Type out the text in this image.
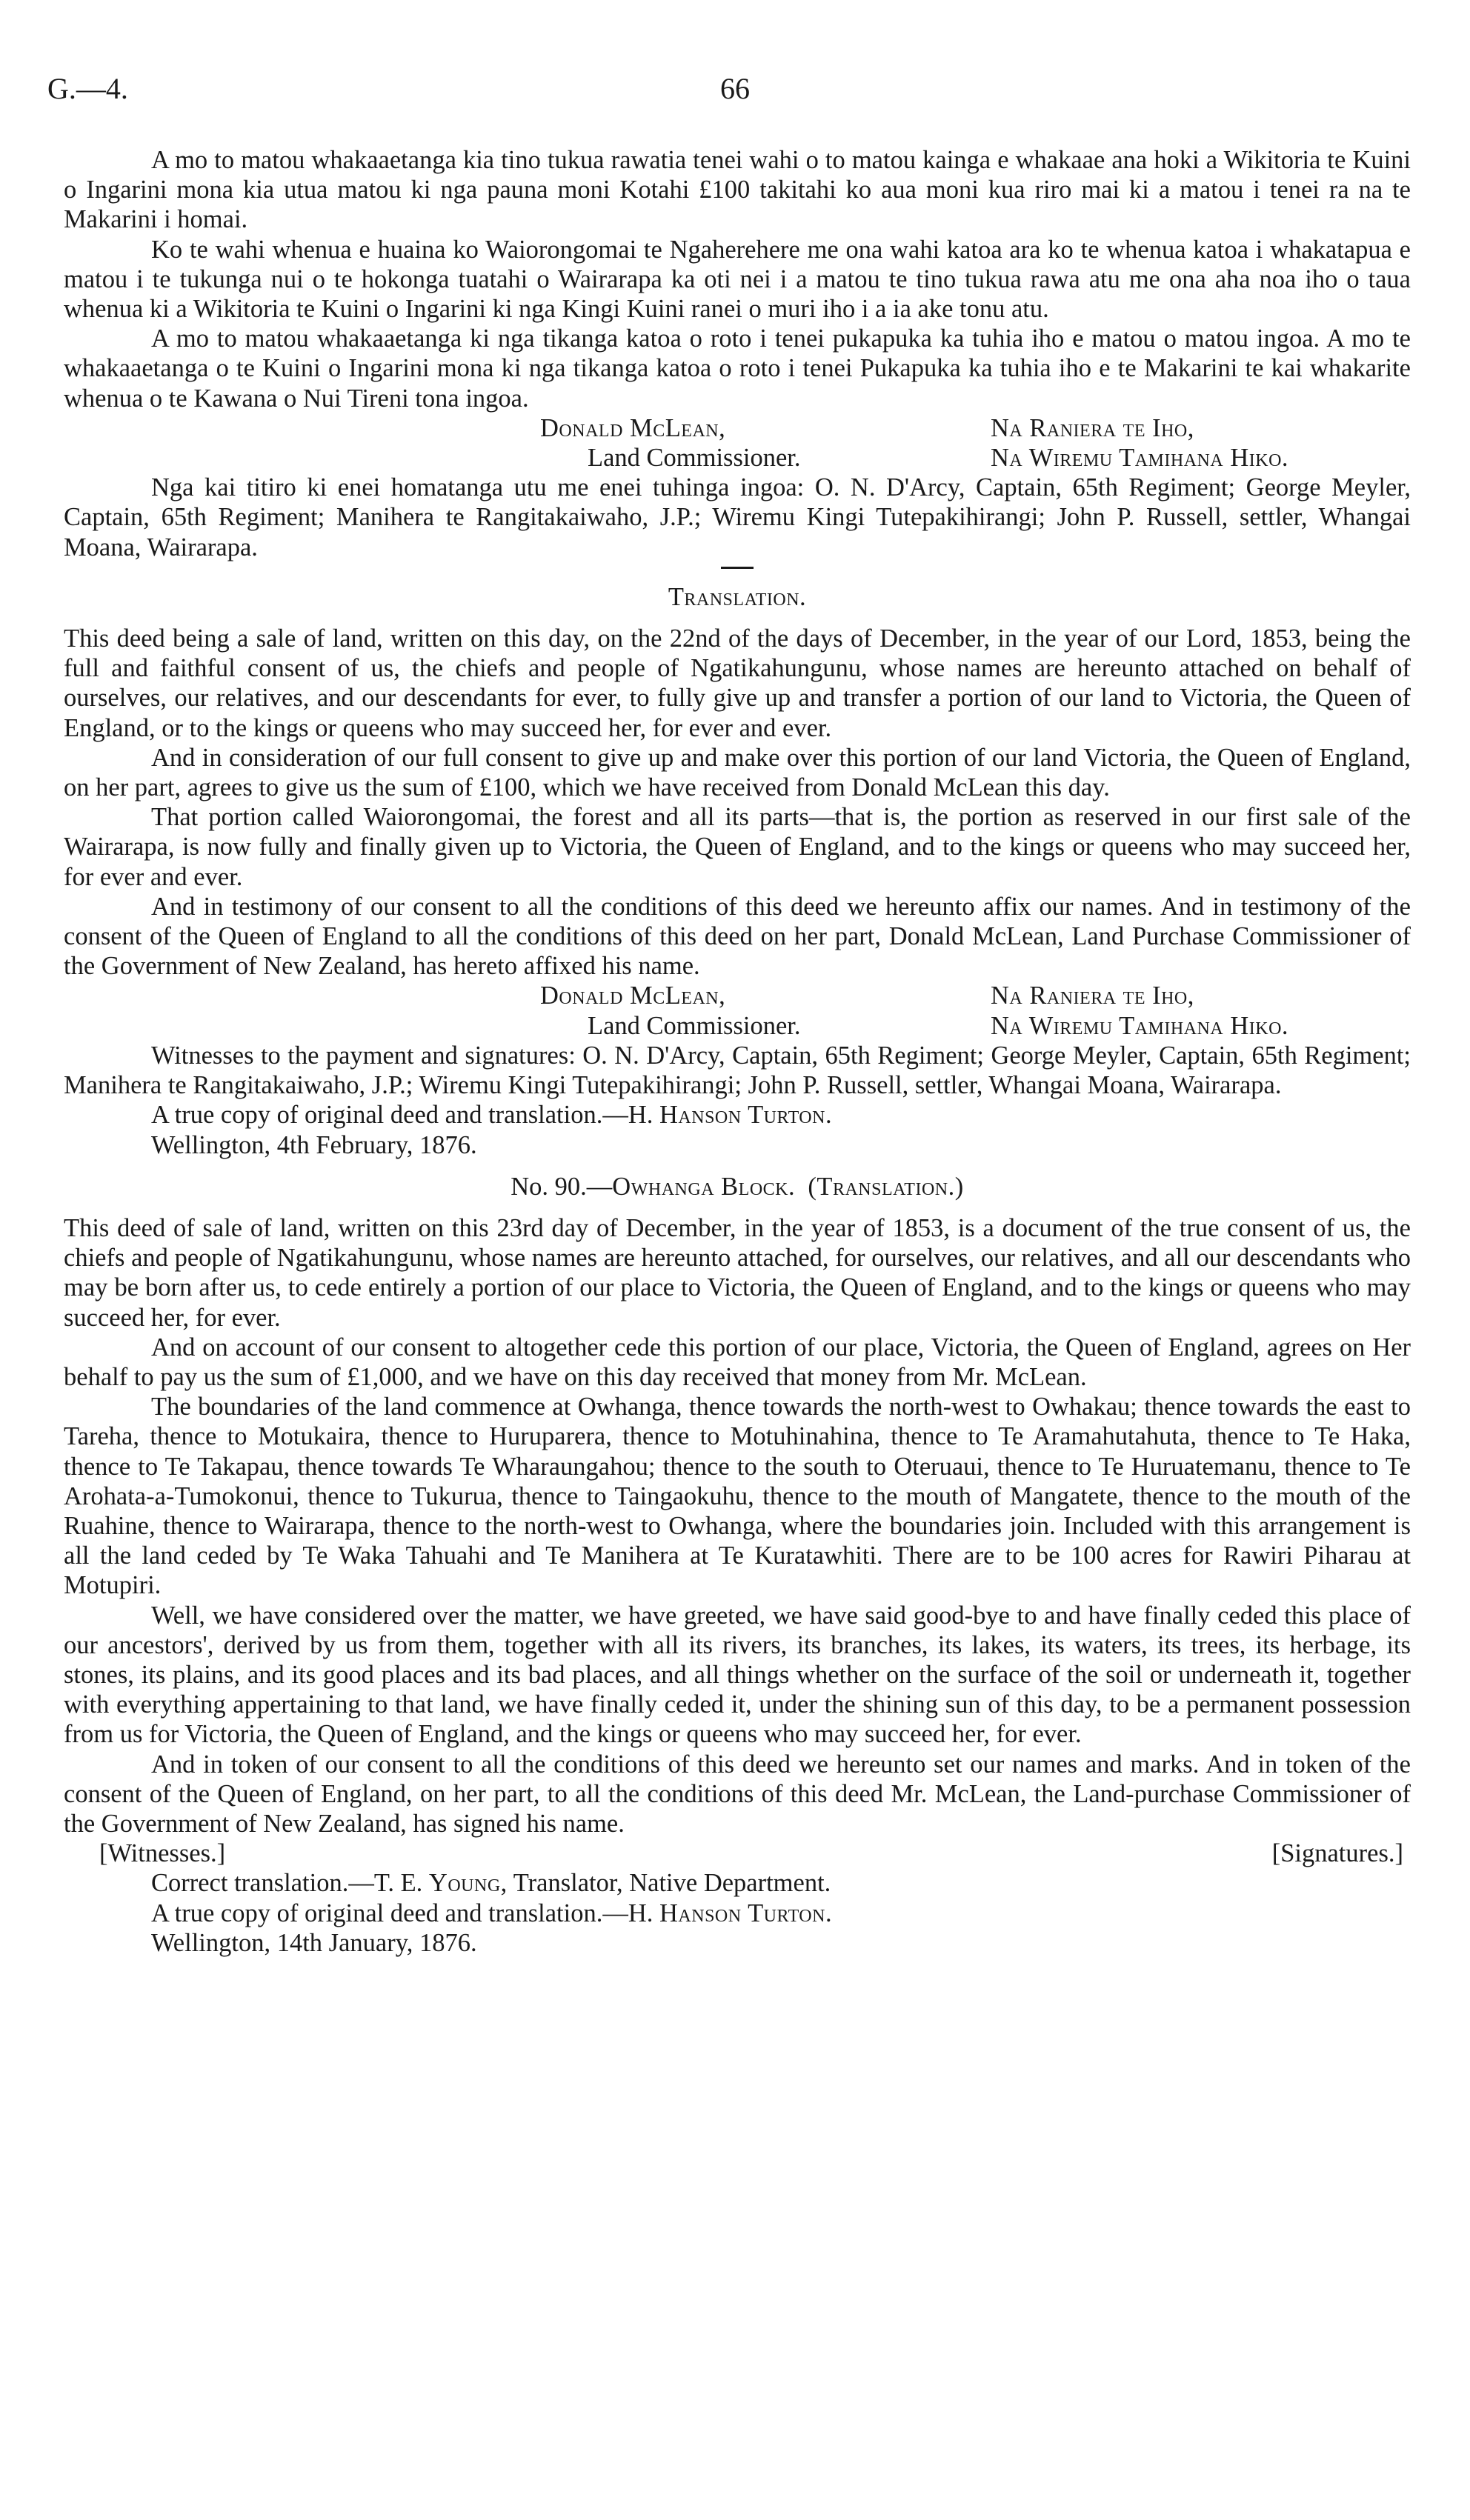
G.—4.	66

A mo to matou whakaaetanga kia tino tukua rawatia tenei wahi o to matou kainga e whakaae ana hoki a Wikitoria te Kuini o Ingarini mona kia utua matou ki nga pauna moni Kotahi £100 takitahi ko aua moni kua riro mai ki a matou i tenei ra na te Makarini i homai.

Ko te wahi whenua e huaina ko Waiorongomai te Ngaherehere me ona wahi katoa ara ko te whenua katoa i whakatapua e matou i te tukunga nui o te hokonga tuatahi o Wairarapa ka oti nei i a matou te tino tukua rawa atu me ona aha noa iho o taua whenua ki a Wikitoria te Kuini o Ingarini ki nga Kingi Kuini ranei o muri iho i a ia ake tonu atu.

A mo to matou whakaaetanga ki nga tikanga katoa o roto i tenei pukapuka ka tuhia iho e matou o matou ingoa. A mo te whakaaetanga o te Kuini o Ingarini mona ki nga tikanga katoa o roto i tenei Pukapuka ka tuhia iho e te Makarini te kai whakarite whenua o te Kawana o Nui Tireni tona ingoa.

Donald McLean,	Na Raniera te Iho,
Land Commissioner.	Na Wiremu Tamihana Hiko.

Nga kai titiro ki enei homatanga utu me enei tuhinga ingoa: O. N. D'Arcy, Captain, 65th Regiment; George Meyler, Captain, 65th Regiment; Manihera te Rangitakaiwaho, J.P.; Wiremu Kingi Tutepakihirangi; John P. Russell, settler, Whangai Moana, Wairarapa.

Translation.

This deed being a sale of land, written on this day, on the 22nd of the days of December, in the year of our Lord, 1853, being the full and faithful consent of us, the chiefs and people of Ngatikahungunu, whose names are hereunto attached on behalf of ourselves, our relatives, and our descendants for ever, to fully give up and transfer a portion of our land to Victoria, the Queen of England, or to the kings or queens who may succeed her, for ever and ever.

And in consideration of our full consent to give up and make over this portion of our land Victoria, the Queen of England, on her part, agrees to give us the sum of £100, which we have received from Donald McLean this day.

That portion called Waiorongomai, the forest and all its parts—that is, the portion as reserved in our first sale of the Wairarapa, is now fully and finally given up to Victoria, the Queen of England, and to the kings or queens who may succeed her, for ever and ever.

And in testimony of our consent to all the conditions of this deed we hereunto affix our names. And in testimony of the consent of the Queen of England to all the conditions of this deed on her part, Donald McLean, Land Purchase Commissioner of the Government of New Zealand, has hereto affixed his name.

Donald McLean,	Na Raniera te Iho,
Land Commissioner.	Na Wiremu Tamihana Hiko.

Witnesses to the payment and signatures: O. N. D'Arcy, Captain, 65th Regiment; George Meyler, Captain, 65th Regiment; Manihera te Rangitakaiwaho, J.P.; Wiremu Kingi Tutepakihirangi; John P. Russell, settler, Whangai Moana, Wairarapa.

A true copy of original deed and translation.—H. Hanson Turton.

Wellington, 4th February, 1876.

No. 90.—Owhanga Block. (Translation.)

This deed of sale of land, written on this 23rd day of December, in the year of 1853, is a document of the true consent of us, the chiefs and people of Ngatikahungunu, whose names are hereunto attached, for ourselves, our relatives, and all our descendants who may be born after us, to cede entirely a portion of our place to Victoria, the Queen of England, and to the kings or queens who may succeed her, for ever.

And on account of our consent to altogether cede this portion of our place, Victoria, the Queen of England, agrees on Her behalf to pay us the sum of £1,000, and we have on this day received that money from Mr. McLean.

The boundaries of the land commence at Owhanga, thence towards the north-west to Owhakau; thence towards the east to Tareha, thence to Motukaira, thence to Huruparera, thence to Motuhinahina, thence to Te Aramahutahuta, thence to Te Haka, thence to Te Takapau, thence towards Te Wharaungahou; thence to the south to Oteruaui, thence to Te Huruatemanu, thence to Te Arohata-a-Tumokonui, thence to Tukurua, thence to Taingaokuhu, thence to the mouth of Mangatete, thence to the mouth of the Ruahine, thence to Wairarapa, thence to the north-west to Owhanga, where the boundaries join. Included with this arrangement is all the land ceded by Te Waka Tahuahi and Te Manihera at Te Kuratawhiti. There are to be 100 acres for Rawiri Piharau at Motupiri.

Well, we have considered over the matter, we have greeted, we have said good-bye to and have finally ceded this place of our ancestors', derived by us from them, together with all its rivers, its branches, its lakes, its waters, its trees, its herbage, its stones, its plains, and its good places and its bad places, and all things whether on the surface of the soil or underneath it, together with everything appertaining to that land, we have finally ceded it, under the shining sun of this day, to be a permanent possession from us for Victoria, the Queen of England, and the kings or queens who may succeed her, for ever.

And in token of our consent to all the conditions of this deed we hereunto set our names and marks. And in token of the consent of the Queen of England, on her part, to all the conditions of this deed Mr. McLean, the Land-purchase Commissioner of the Government of New Zealand, has signed his name.

[Witnesses.]	[Signatures.]

Correct translation.—T. E. Young, Translator, Native Department.

A true copy of original deed and translation.—H. Hanson Turton.

Wellington, 14th January, 1876.
